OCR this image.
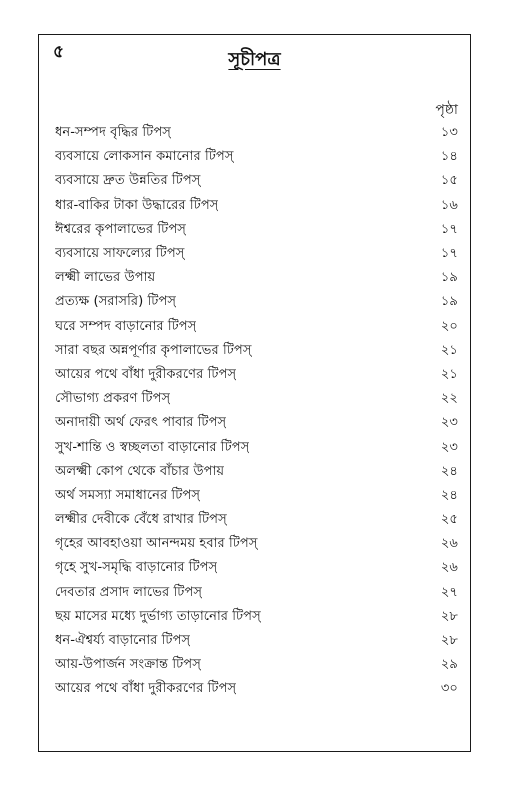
৫	সূচীপত্র
পৃষ্ঠা
ধন-সম্পদ বৃদ্ধির টিপস্	১৩
ব্যবসায়ে লোকসান কমানোর টিপস্	১৪
ব্যবসায়ে দ্রুত উন্নতির টিপস্	১৫
ধার-বাকির টাকা উদ্ধারের টিপস্	১৬
ঈশ্বরের কৃপালাভের টিপস্	১৭
ব্যবসায়ে সাফল্যের টিপস্	১৭
লক্ষ্মী লাভের উপায়	১৯
প্রত্যক্ষ (সরাসরি) টিপস্	১৯
ঘরে সম্পদ বাড়ানোর টিপস্	২০
সারা বছর অন্নপূর্ণার কৃপালাভের টিপস্	২১
আয়ের পথে বাঁধা দুরীকরণের টিপস্	২১
সৌভাগ্য প্রকরণ টিপস্	২২
অনাদায়ী অর্থ ফেরৎ পাবার টিপস্	২৩
সুখ-শান্তি ও স্বচ্ছলতা বাড়ানোর টিপস্	২৩
অলক্ষ্মী কোপ থেকে বাঁচার উপায়	২৪
অর্থ সমস্যা সমাধানের টিপস্	২৪
লক্ষ্মীর দেবীকে বেঁধে রাখার টিপস্	২৫
গৃহের আবহাওয়া আনন্দময় হবার টিপস্	২৬
গৃহে সুখ-সমৃদ্ধি বাড়ানোর টিপস্	২৬
দেবতার প্রসাদ লাভের টিপস্	২৭
ছয় মাসের মধ্যে দুর্ভাগ্য তাড়ানোর টিপস্	২৮
ধন-ঐশ্বর্য্য বাড়ানোর টিপস্	২৮
আয়-উপার্জন সংক্রান্ত টিপস্	২৯
আয়ের পথে বাঁধা দুরীকরণের টিপস্	৩০
